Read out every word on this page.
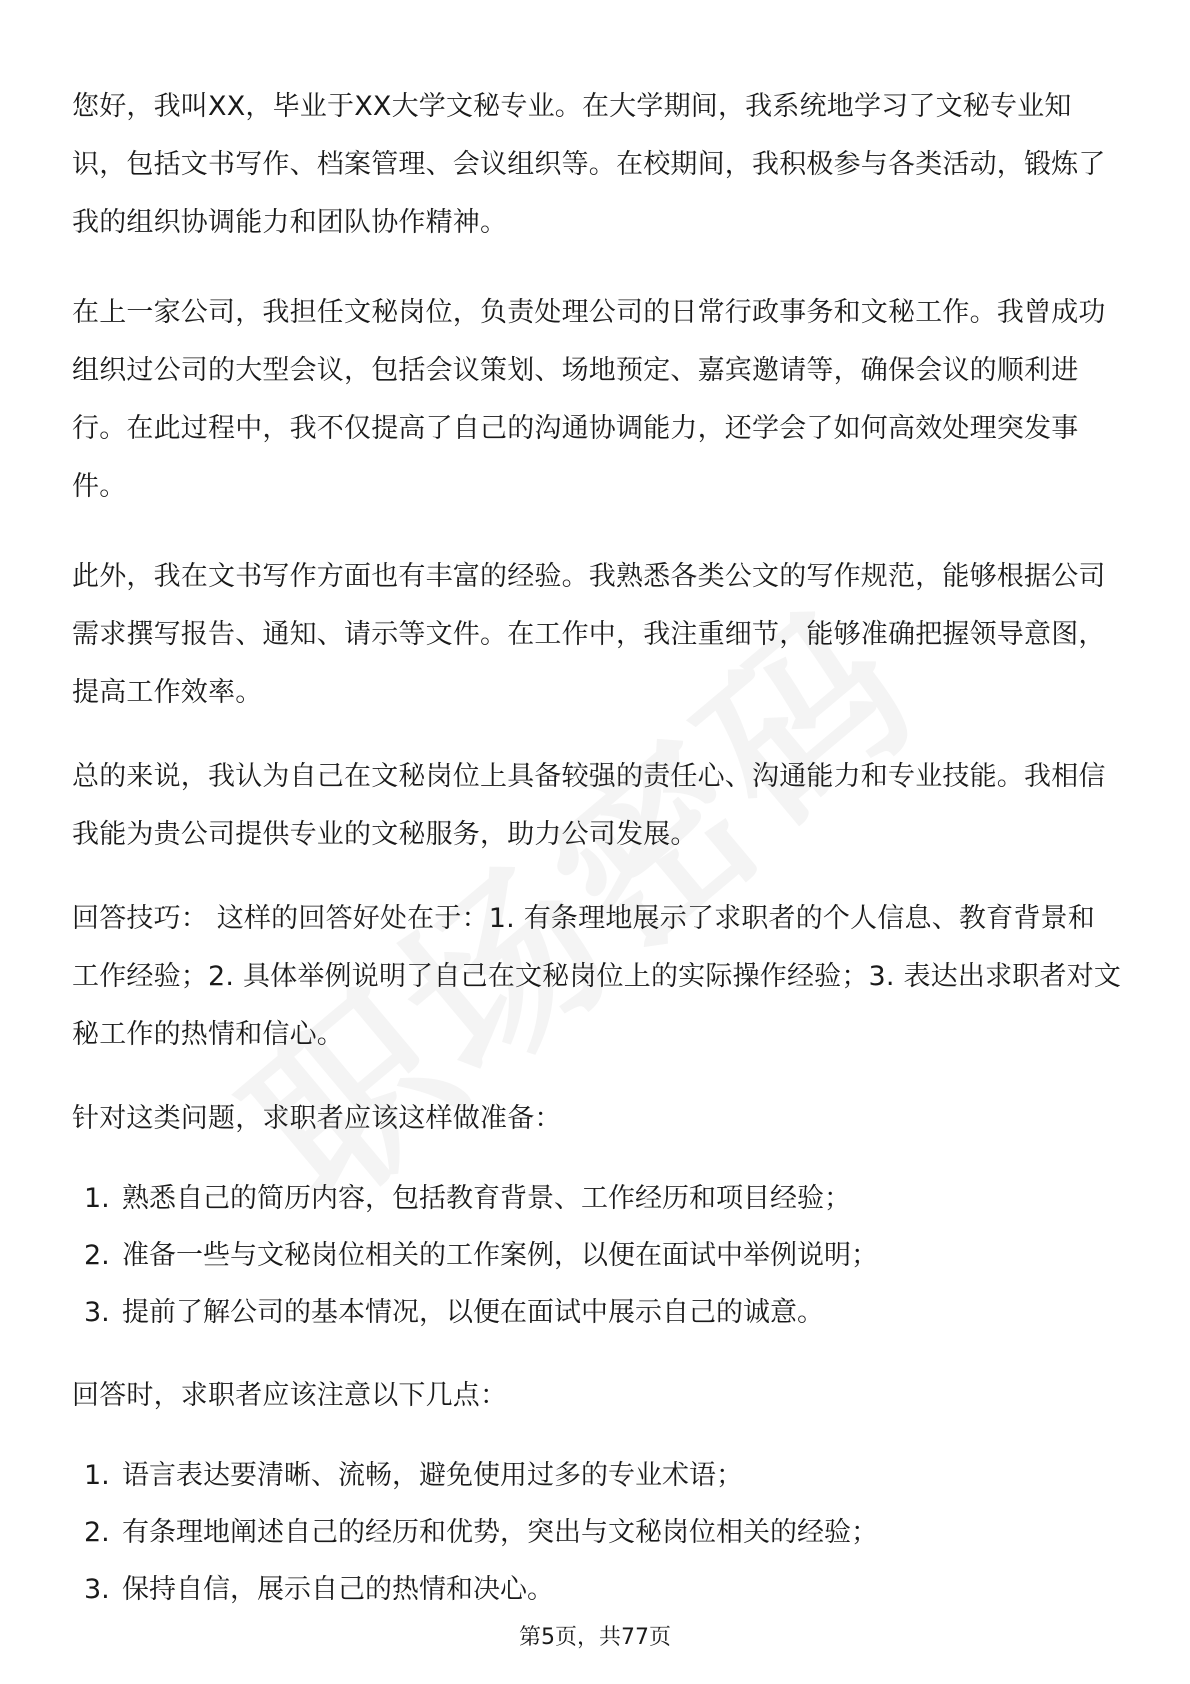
您好，我叫XX，毕业于XX大学文秘专业。在大学期间，我系统地学习了文秘专业知识，包括文书写作、档案管理、会议组织等。在校期间，我积极参与各类活动，锻炼了我的组织协调能力和团队协作精神。

在上一家公司，我担任文秘岗位，负责处理公司的日常行政事务和文秘工作。我曾成功组织过公司的大型会议，包括会议策划、场地预定、嘉宾邀请等，确保会议的顺利进行。在此过程中，我不仅提高了自己的沟通协调能力，还学会了如何高效处理突发事件。

此外，我在文书写作方面也有丰富的经验。我熟悉各类公文的写作规范，能够根据公司需求撰写报告、通知、请示等文件。在工作中，我注重细节，能够准确把握领导意图，提高工作效率。

总的来说，我认为自己在文秘岗位上具备较强的责任心、沟通能力和专业技能。我相信我能为贵公司提供专业的文秘服务，助力公司发展。

回答技巧： 这样的回答好处在于：1. 有条理地展示了求职者的个人信息、教育背景和工作经验；2. 具体举例说明了自己在文秘岗位上的实际操作经验；3. 表达出求职者对文秘工作的热情和信心。

针对这类问题，求职者应该这样做准备：

1. 熟悉自己的简历内容，包括教育背景、工作经历和项目经验；
2. 准备一些与文秘岗位相关的工作案例，以便在面试中举例说明；
3. 提前了解公司的基本情况，以便在面试中展示自己的诚意。

回答时，求职者应该注意以下几点：

1. 语言表达要清晰、流畅，避免使用过多的专业术语；
2. 有条理地阐述自己的经历和优势，突出与文秘岗位相关的经验；
3. 保持自信，展示自己的热情和决心。
第5页，共77页
